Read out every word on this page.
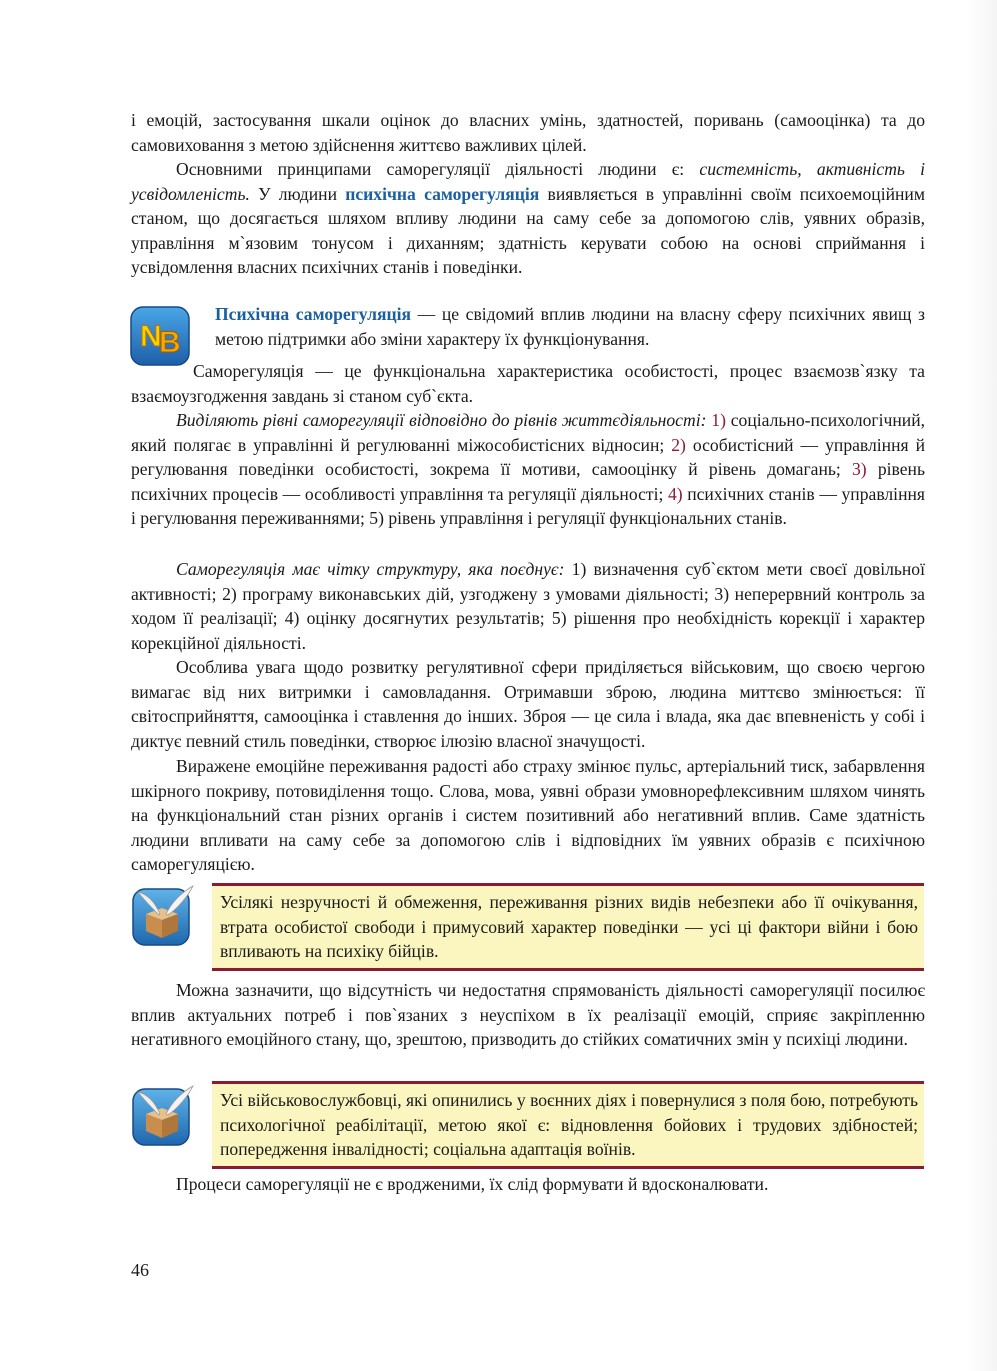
і емоцій, застосування шкали оцінок до власних умінь, здатностей, поривань (самооцінка) та до самовиховання з метою здійснення життєво важливих цілей.

Основними принципами саморегуляції діяльності людини є: системність, активність і усвідомленість. У людини психічна саморегуляція виявляється в управлінні своїм психоемоційним станом, що досягається шляхом впливу людини на саму себе за допомогою слів, уявних образів, управління м`язовим тонусом і диханням; здатність керувати собою на основі сприймання і усвідомлення власних психічних станів і поведінки.
N
B
Психічна саморегуляція — це свідомий вплив людини на власну сферу психічних явищ з метою підтримки або зміни характеру їх функціонування.

Саморегуляція — це функціональна характеристика особистості, процес взаємозв`язку та взаємоузгодження завдань зі станом суб`єкта.

Виділяють рівні саморегуляції відповідно до рівнів життєдіяльності: 1) соціально-психологічний, який полягає в управлінні й регулюванні міжособистісних відносин; 2) особистісний — управління й регулювання поведінки особистості, зокрема її мотиви, самооцінку й рівень домагань; 3) рівень психічних процесів — особливості управління та регуляції діяльності; 4) психічних станів — управління і регулювання переживаннями; 5) рівень управління і регуляції функціональних станів.
Саморегуляція має чітку структуру, яка поєднує: 1) визначення суб`єктом мети своєї довільної активності; 2) програму виконавських дій, узгоджену з умовами діяльності; 3) неперервний контроль за ходом її реалізації; 4) оцінку досягнутих результатів; 5) рішення про необхідність корекції і характер корекційної діяльності.

Особлива увага щодо розвитку регулятивної сфери приділяється військовим, що своєю чергою вимагає від них витримки і самовладання. Отримавши зброю, людина миттєво змінюється: її світосприйняття, самооцінка і ставлення до інших. Зброя — це сила і влада, яка дає впевненість у собі і диктує певний стиль поведінки, створює ілюзію власної значущості.

Виражене емоційне переживання радості або страху змінює пульс, артеріальний тиск, забарвлення шкірного покриву, потовиділення тощо. Слова, мова, уявні образи умовнорефлексивним шляхом чинять на функціональний стан різних органів і систем позитивний або негативний вплив. Саме здатність людини впливати на саму себе за допомогою слів і відповідних їм уявних образів є психічною саморегуляцією.

Усілякі незручності й обмеження, переживання різних видів небезпеки або її очікування, втрата особистої свободи і примусовий характер поведінки — усі ці фактори війни і бою впливають на психіку бійців.

Можна зазначити, що відсутність чи недостатня спрямованість діяльності саморегуляції посилює вплив актуальних потреб і пов`язаних з неуспіхом в їх реалізації емоцій, сприяє закріпленню негативного емоційного стану, що, зрештою, призводить до стійких соматичних змін у психіці людини.

Усі військовослужбовці, які опинились у воєнних діях і повернулися з поля бою, потребують психологічної реабілітації, метою якої є: відновлення бойових і трудових здібностей; попередження інвалідності; соціальна адаптація воїнів.

Процеси саморегуляції не є вродженими, їх слід формувати й вдосконалювати.

46
